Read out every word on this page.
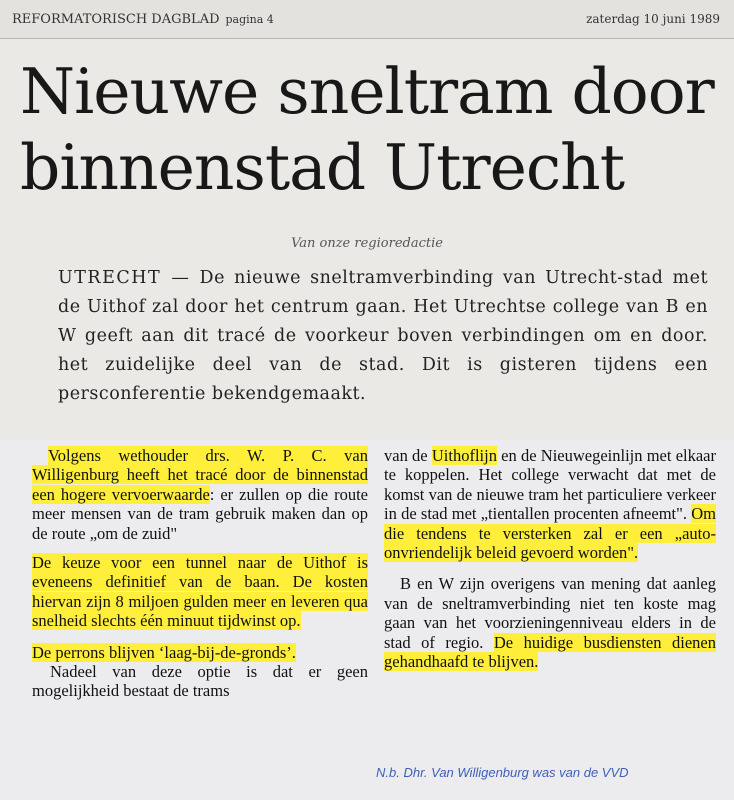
REFORMATORISCH DAGBLAD pagina 4	zaterdag 10 juni 1989
Nieuwe sneltram door binnenstad Utrecht
Van onze regioredactie
UTRECHT — De nieuwe sneltramverbinding van Utrecht-stad met de Uithof zal door het centrum gaan. Het Utrechtse college van B en W geeft aan dit tracé de voorkeur boven verbindingen om en door. het zuidelijke deel van de stad. Dit is gisteren tijdens een persconferentie bekendgemaakt.

Volgens wethouder drs. W. P. C. van Willigenburg heeft het tracé door de binnenstad een hogere vervoerwaarde: er zullen op die route meer mensen van de tram gebruik maken dan op de route „om de zuid"

De keuze voor een tunnel naar de Uithof is eveneens definitief van de baan. De kosten hiervan zijn 8 miljoen gulden meer en leveren qua snelheid slechts één minuut tijdwinst op.

De perrons blijven ‘laag-bij-de-gronds’.

Nadeel van deze optie is dat er geen mogelijkheid bestaat de trams

van de Uithoflijn en de Nieuwegeinlijn met elkaar te koppelen. Het college verwacht dat met de komst van de nieuwe tram het particuliere verkeer in de stad met „tientallen procenten afneemt". Om die tendens te versterken zal er een „auto-onvriendelijk beleid gevoerd worden".

B en W zijn overigens van mening dat aanleg van de sneltramverbinding niet ten koste mag gaan van het voorzieningenniveau elders in de stad of regio. De huidige busdiensten dienen gehandhaafd te blijven.

N.b. Dhr. Van Willigenburg was van de VVD
